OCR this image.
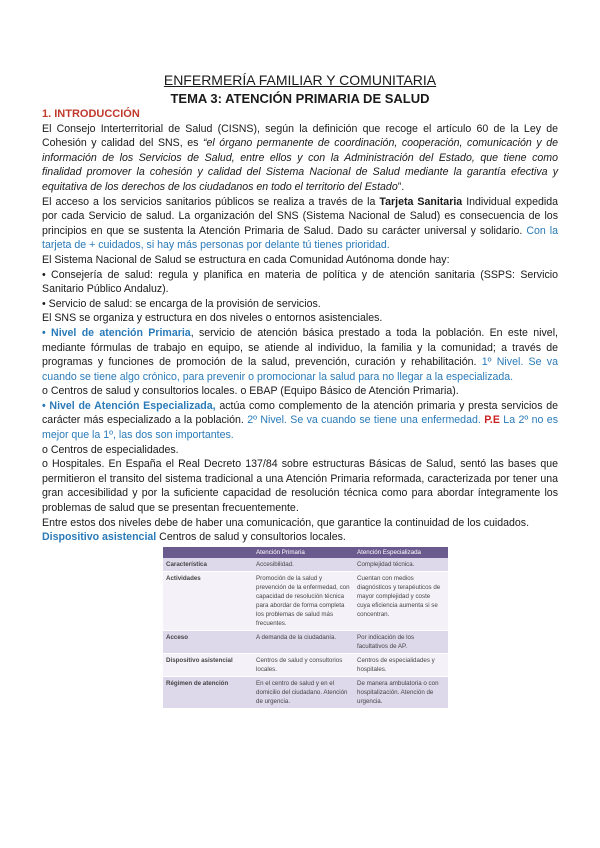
ENFERMERÍA FAMILIAR Y COMUNITARIA
TEMA 3: ATENCIÓN PRIMARIA DE SALUD
1. INTRODUCCIÓN

El Consejo Interterritorial de Salud (CISNS), según la definición que recoge el artículo 60 de la Ley de Cohesión y calidad del SNS, es “el órgano permanente de coordinación, cooperación, comunicación y de información de los Servicios de Salud, entre ellos y con la Administración del Estado, que tiene como finalidad promover la cohesión y calidad del Sistema Nacional de Salud mediante la garantía efectiva y equitativa de los derechos de los ciudadanos en todo el territorio del Estado”.

El acceso a los servicios sanitarios públicos se realiza a través de la Tarjeta Sanitaria Individual expedida por cada Servicio de salud. La organización del SNS (Sistema Nacional de Salud) es consecuencia de los principios en que se sustenta la Atención Primaria de Salud. Dado su carácter universal y solidario. Con la tarjeta de + cuidados, si hay más personas por delante tú tienes prioridad.

El Sistema Nacional de Salud se estructura en cada Comunidad Autónoma donde hay:

• Consejería de salud: regula y planifica en materia de política y de atención sanitaria (SSPS: Servicio Sanitario Público Andaluz).

• Servicio de salud: se encarga de la provisión de servicios.

El SNS se organiza y estructura en dos niveles o entornos asistenciales.

• Nivel de atención Primaria, servicio de atención básica prestado a toda la población. En este nivel, mediante fórmulas de trabajo en equipo, se atiende al individuo, la familia y la comunidad; a través de programas y funciones de promoción de la salud, prevención, curación y rehabilitación. 1º Nivel. Se va cuando se tiene algo crónico, para prevenir o promocionar la salud para no llegar a la especializada.

o Centros de salud y consultorios locales. o EBAP (Equipo Básico de Atención Primaria).

• Nivel de Atención Especializada, actúa como complemento de la atención primaria y presta servicios de carácter más especializado a la población. 2º Nivel. Se va cuando se tiene una enfermedad. P.E La 2º no es mejor que la 1º, las dos son importantes.

o Centros de especialidades.

o Hospitales. En España el Real Decreto 137/84 sobre estructuras Básicas de Salud, sentó las bases que permitieron el transito del sistema tradicional a una Atención Primaria reformada, caracterizada por tener una gran accesibilidad y por la suficiente capacidad de resolución técnica como para abordar íntegramente los problemas de salud que se presentan frecuentemente.

Entre estos dos niveles debe de haber una comunicación, que garantice la continuidad de los cuidados.

Dispositivo asistencial Centros de salud y consultorios locales.

	Atención Primaria	Atención Especializada
Característica	Accesibilidad.	Complejidad técnica.
Actividades	Promoción de la salud y prevención de la enfermedad, con capacidad de resolución técnica para abordar de forma completa los problemas de salud más frecuentes.	Cuentan con medios diagnósticos y terapéuticos de mayor complejidad y coste cuya eficiencia aumenta si se concentran.
Acceso	A demanda de la ciudadanía.	Por indicación de los facultativos de AP.
Dispositivo asistencial	Centros de salud y consultorios locales.	Centros de especialidades y hospitales.
Régimen de atención	En el centro de salud y en el domicilio del ciudadano. Atención de urgencia.	De manera ambulatoria o con hospitalización. Atención de urgencia.
